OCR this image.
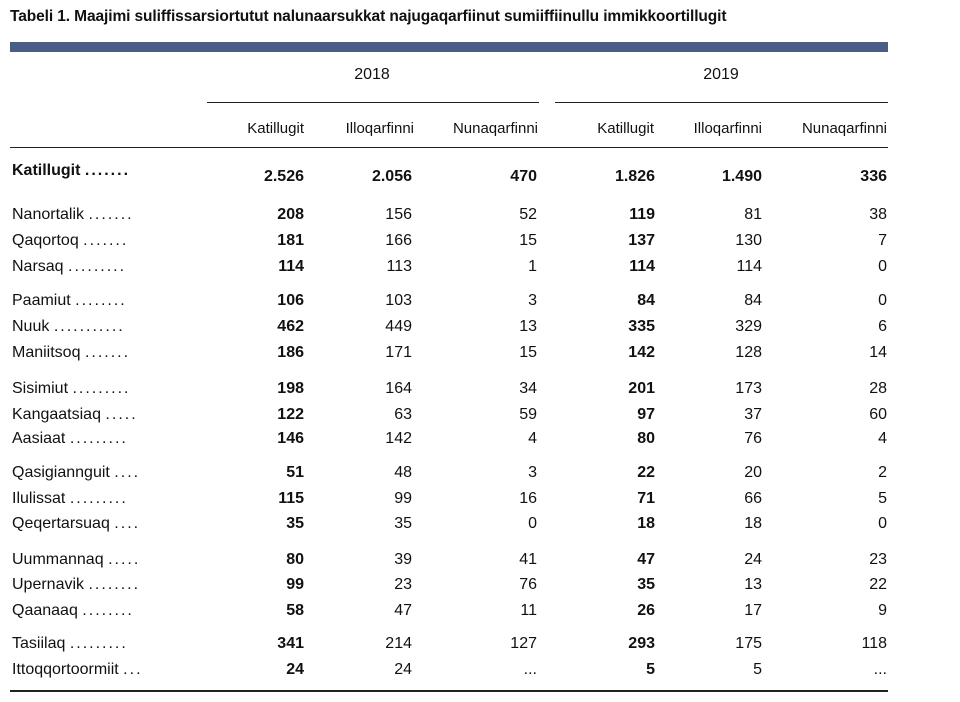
Tabeli 1. Maajimi suliffissarsiortutut nalunaarsukkat najugaqarfiinut sumiiffiinullu immikkoortillugit
2018	2019
Katillugit	Illoqarfinni	Nunaqarfinni	Katillugit	Illoqarfinni	Nunaqarfinni
Katillugit .......	2.526	2.056	470	1.826	1.490	336
Nanortalik .......	208	156	52	119	81	38
Qaqortoq .......	181	166	15	137	130	7
Narsaq .........	114	113	1	114	114	0
Paamiut ........	106	103	3	84	84	0
Nuuk ...........	462	449	13	335	329	6
Maniitsoq .......	186	171	15	142	128	14
Sisimiut .........	198	164	34	201	173	28
Kangaatsiaq .....	122	63	59	97	37	60
Aasiaat .........	146	142	4	80	76	4
Qasigiannguit ....	51	48	3	22	20	2
Ilulissat .........	115	99	16	71	66	5
Qeqertarsuaq ....	35	35	0	18	18	0
Uummannaq .....	80	39	41	47	24	23
Upernavik ........	99	23	76	35	13	22
Qaanaaq ........	58	47	11	26	17	9
Tasiilaq .........	341	214	127	293	175	118
Ittoqqortoormiit ...	24	24	...	5	5	...
